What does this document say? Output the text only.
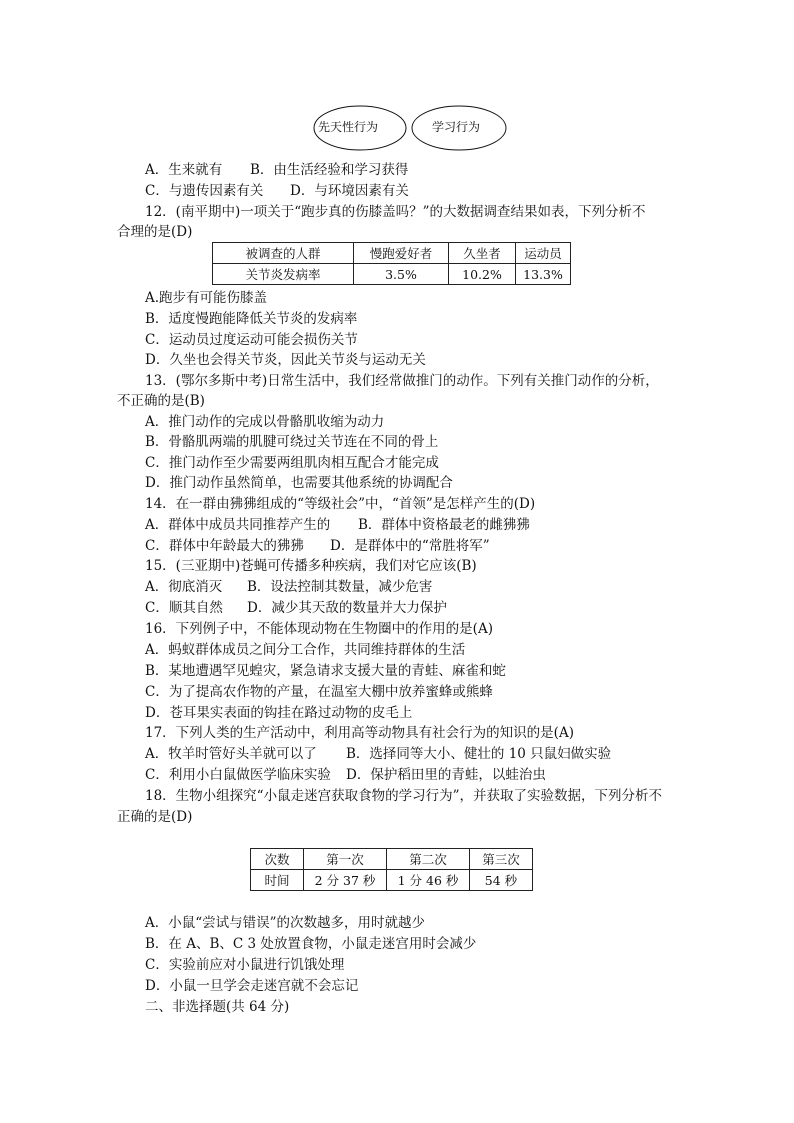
先天性行为	学习行为
A．生来就有 B．由生活经验和学习获得
C．与遗传因素有关 D．与环境因素有关
12．(南平期中)一项关于“跑步真的伤膝盖吗？”的大数据调查结果如表，下列分析不
合理的是(D)
被调查的人群	慢跑爱好者	久坐者	运动员
关节炎发病率	3.5%	10.2%	13.3%
A.跑步有可能伤膝盖
B．适度慢跑能降低关节炎的发病率
C．运动员过度运动可能会损伤关节
D．久坐也会得关节炎，因此关节炎与运动无关
13．(鄂尔多斯中考)日常生活中，我们经常做推门的动作。下列有关推门动作的分析，
不正确的是(B)
A．推门动作的完成以骨骼肌收缩为动力
B．骨骼肌两端的肌腱可绕过关节连在不同的骨上
C．推门动作至少需要两组肌肉相互配合才能完成
D．推门动作虽然简单，也需要其他系统的协调配合
14．在一群由狒狒组成的“等级社会”中，“首领”是怎样产生的(D)
A．群体中成员共同推荐产生的 B．群体中资格最老的雌狒狒
C．群体中年龄最大的狒狒 D．是群体中的“常胜将军”
15．(三亚期中)苍蝇可传播多种疾病，我们对它应该(B)
A．彻底消灭 B．设法控制其数量，减少危害
C．顺其自然 D．减少其天敌的数量并大力保护
16．下列例子中，不能体现动物在生物圈中的作用的是(A)
A．蚂蚁群体成员之间分工合作，共同维持群体的生活
B．某地遭遇罕见蝗灾，紧急请求支援大量的青蛙、麻雀和蛇
C．为了提高农作物的产量，在温室大棚中放养蜜蜂或熊蜂
D．苍耳果实表面的钩挂在路过动物的皮毛上
17．下列人类的生产活动中，利用高等动物具有社会行为的知识的是(A)
A．牧羊时管好头羊就可以了 B．选择同等大小、健壮的 10 只鼠妇做实验
C．利用小白鼠做医学临床实验 D．保护稻田里的青蛙，以蛙治虫
18．生物小组探究“小鼠走迷宫获取食物的学习行为”，并获取了实验数据，下列分析不
正确的是(D)
次数	第一次	第二次	第三次
时间	2 分 37 秒	1 分 46 秒	54 秒
A．小鼠“尝试与错误”的次数越多，用时就越少
B．在 A、B、C 3 处放置食物，小鼠走迷宫用时会减少
C．实验前应对小鼠进行饥饿处理
D．小鼠一旦学会走迷宫就不会忘记
二、非选择题(共 64 分)
